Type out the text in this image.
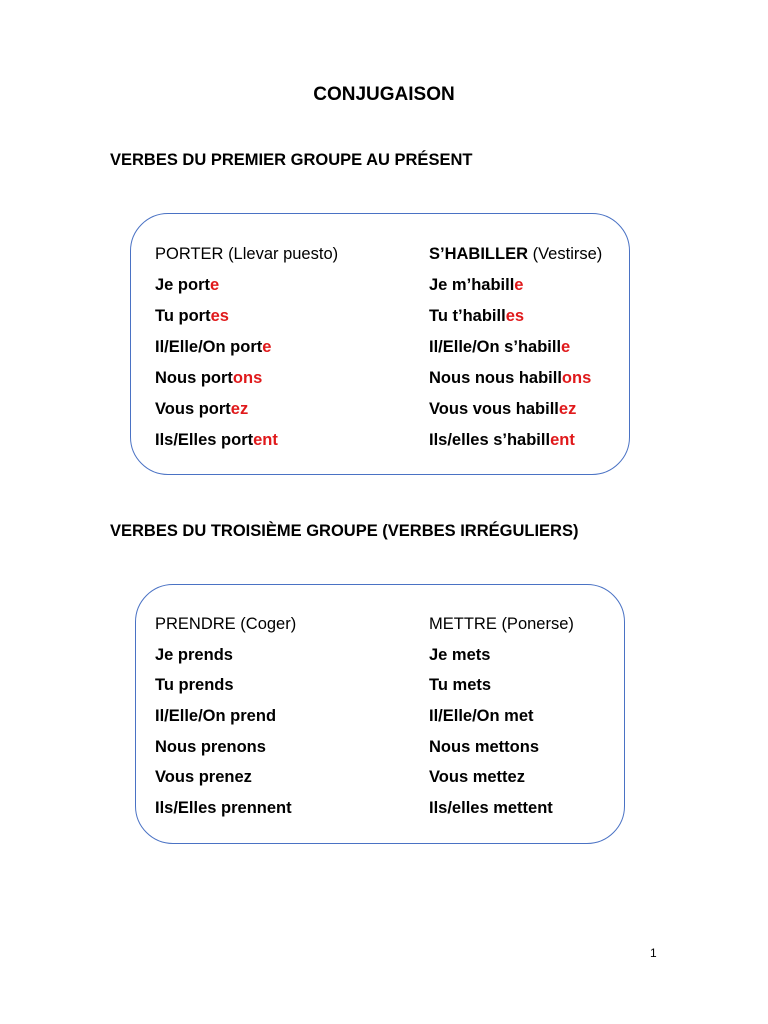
CONJUGAISON
VERBES DU PREMIER GROUPE AU PRÉSENT
PORTER (Llevar puesto)
Je porte
Tu portes
Il/Elle/On porte
Nous portons
Vous portez
Ils/Elles portent
S’HABILLER (Vestirse)
Je m’habille
Tu t’habilles
Il/Elle/On s’habille
Nous nous habillons
Vous vous habillez
Ils/elles s’habillent
VERBES DU TROISIÈME GROUPE (VERBES IRRÉGULIERS)
PRENDRE (Coger)
Je prends
Tu prends
Il/Elle/On prend
Nous prenons
Vous prenez
Ils/Elles prennent
METTRE (Ponerse)
Je mets
Tu mets
Il/Elle/On met
Nous mettons
Vous mettez
Ils/elles mettent
1
